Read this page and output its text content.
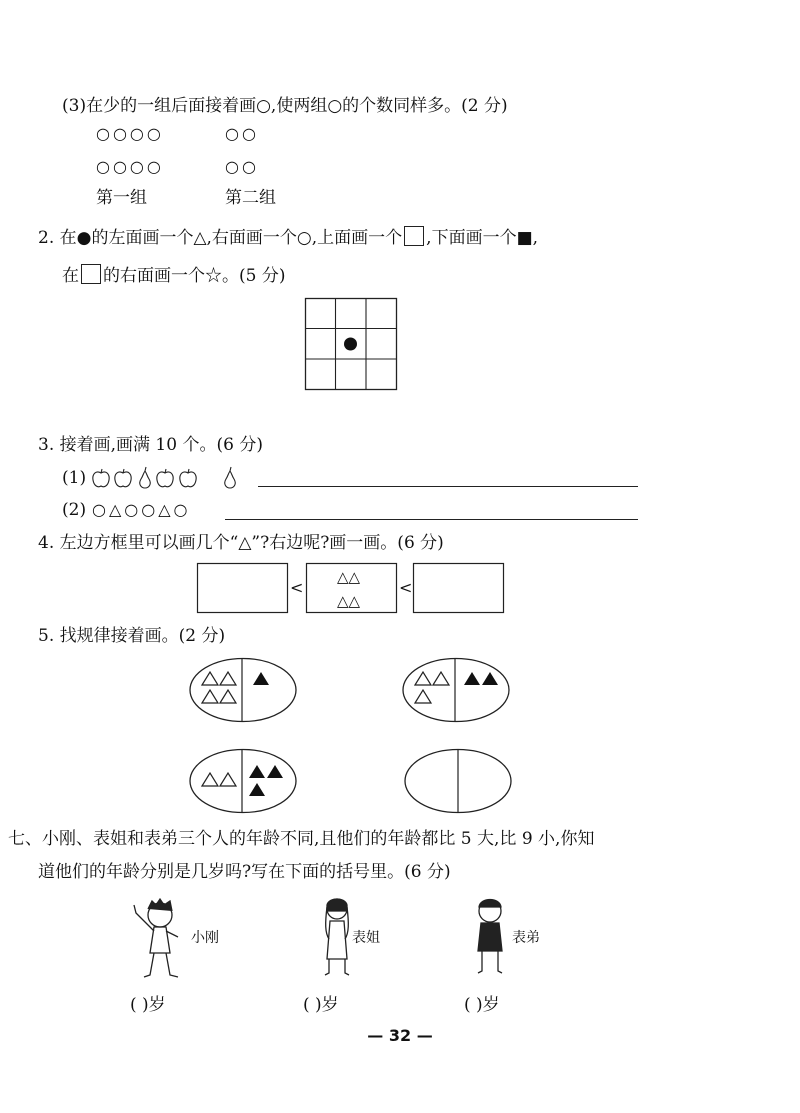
(3)在少的一组后面接着画○,使两组○的个数同样多。(2 分)
○○○○	○○
○○○○	○○
第一组	第二组
2. 在●的左面画一个△,右面画一个○,上面画一个 ,下面画一个■,
在 的右面画一个☆。(5 分)
3. 接着画,画满 10 个。(6 分)
(1)
(2) ○△○○△○
4. 左边方框里可以画几个“△”?右边呢?画一画。(6 分)
<
△△
△△
<
5. 找规律接着画。(2 分)
七、小刚、表姐和表弟三个人的年龄不同,且他们的年龄都比 5 大,比 9 小,你知
道他们的年龄分别是几岁吗?写在下面的括号里。(6 分)
小刚	表姐	表弟
( )岁	( )岁	( )岁
— 32 —
